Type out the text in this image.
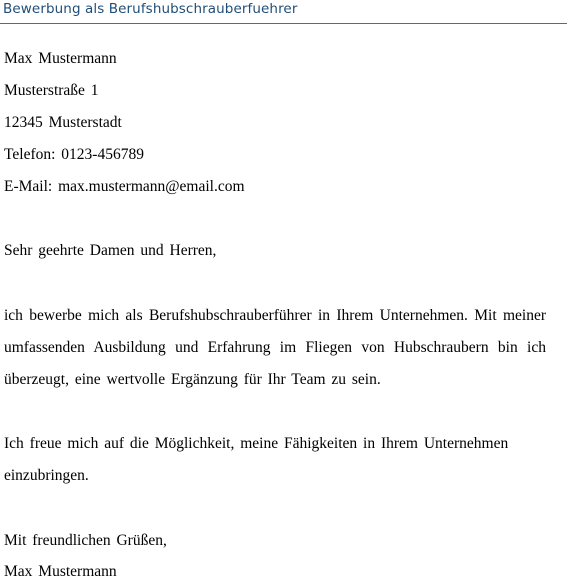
Bewerbung als Berufshubschrauberfuehrer
Max Mustermann
Musterstraße 1
12345 Musterstadt
Telefon: 0123-456789
E-Mail: max.mustermann@email.com
Sehr geehrte Damen und Herren,
ich bewerbe mich als Berufshubschrauberführer in Ihrem Unternehmen. Mit meiner
umfassenden Ausbildung und Erfahrung im Fliegen von Hubschraubern bin ich
überzeugt, eine wertvolle Ergänzung für Ihr Team zu sein.
Ich freue mich auf die Möglichkeit, meine Fähigkeiten in Ihrem Unternehmen
einzubringen.
Mit freundlichen Grüßen,
Max Mustermann
